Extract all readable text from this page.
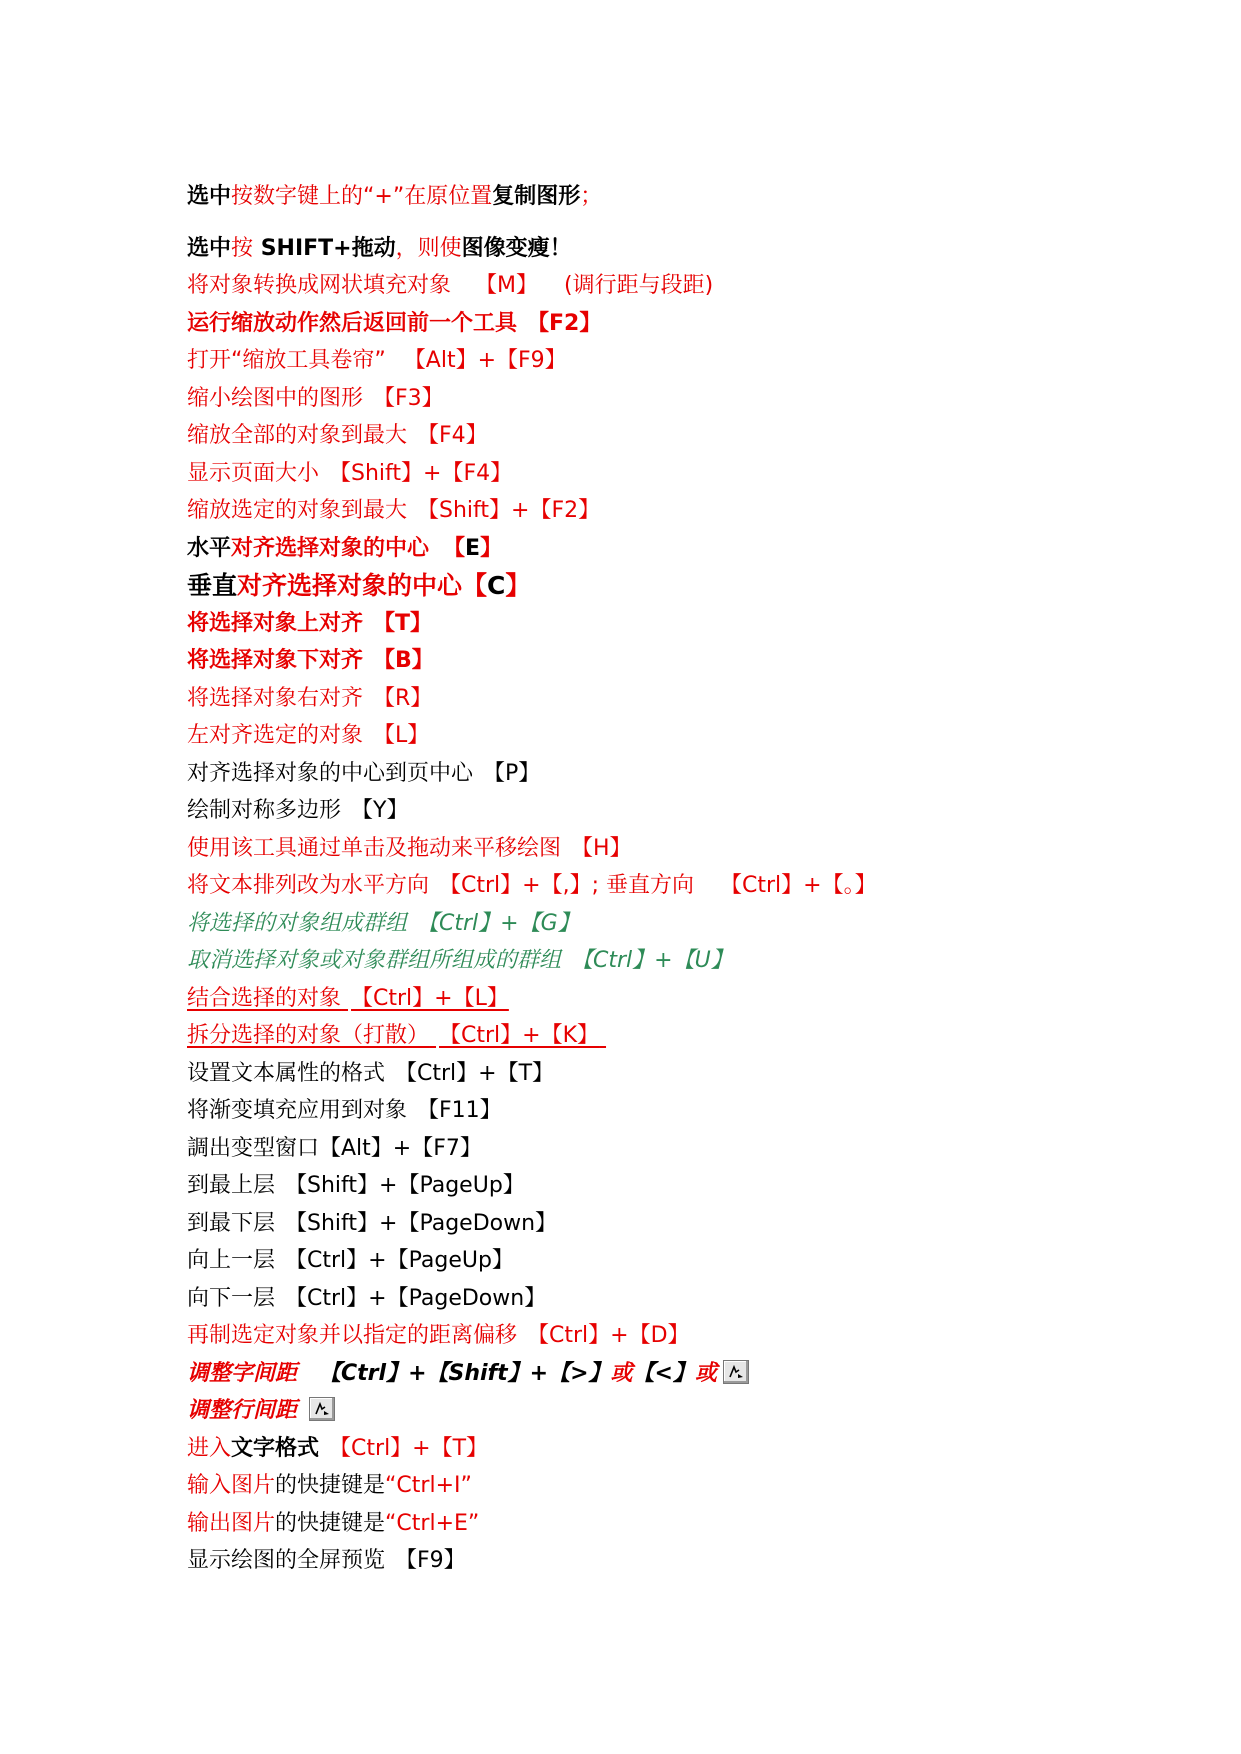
选中按数字键上的“+”在原位置复制图形；
选中按 SHIFT+拖动，则使图像变瘦！
将对象转换成网状填充对象 【M】 (调行距与段距)
运行缩放动作然后返回前一个工具 【F2】
打开“缩放工具卷帘” 【Alt】+【F9】
缩小绘图中的图形 【F3】
缩放全部的对象到最大 【F4】
显示页面大小 【Shift】+【F4】
缩放选定的对象到最大 【Shift】+【F2】
水平对齐选择对象的中心 【E】
垂直对齐选择对象的中心【C】
将选择对象上对齐 【T】
将选择对象下对齐 【B】
将选择对象右对齐 【R】
左对齐选定的对象 【L】
对齐选择对象的中心到页中心 【P】
绘制对称多边形 【Y】
使用该工具通过单击及拖动来平移绘图 【H】
将文本排列改为水平方向 【Ctrl】+【,】; 垂直方向 【Ctrl】+【。】
将选择的对象组成群组 【Ctrl】+【G】
取消选择对象或对象群组所组成的群组 【Ctrl】+【U】
结合选择的对象 【Ctrl】+【L】
拆分选择的对象（打散） 【Ctrl】+【K】
设置文本属性的格式 【Ctrl】+【T】
将渐变填充应用到对象 【F11】
調出变型窗口【Alt】+【F7】
到最上层 【Shift】+【PageUp】
到最下层 【Shift】+【PageDown】
向上一层 【Ctrl】+【PageUp】
向下一层 【Ctrl】+【PageDown】
再制选定对象并以指定的距离偏移 【Ctrl】+【D】
调整字间距 【Ctrl】+【Shift】+【>】或【<】或
调整行间距
进入文字格式 【Ctrl】+【T】
输入图片的快捷键是“Ctrl+I”
输出图片的快捷键是“Ctrl+E”
显示绘图的全屏预览 【F9】
